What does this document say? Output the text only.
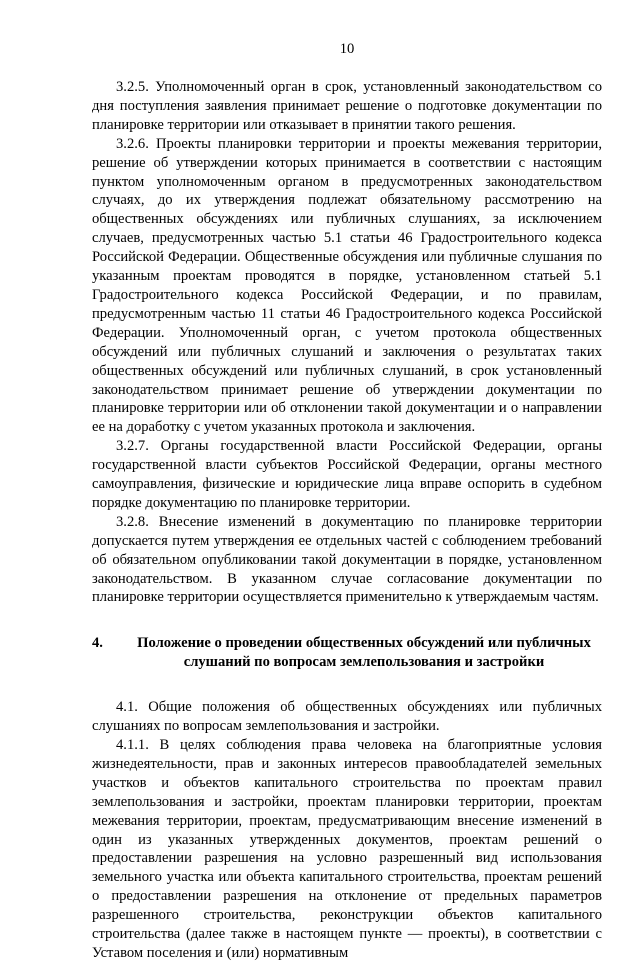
10

3.2.5. Уполномоченный орган в срок, установленный законодательством со дня поступления заявления принимает решение о подготовке документации по планировке территории или отказывает в принятии такого решения.

3.2.6. Проекты планировки территории и проекты межевания территории, решение об утверждении которых принимается в соответствии с настоящим пунктом уполномоченным органом в предусмотренных законодательством случаях, до их утверждения подлежат обязательному рассмотрению на общественных обсуждениях или публичных слушаниях, за исключением случаев, предусмотренных частью 5.1 статьи 46 Градостроительного кодекса Российской Федерации. Общественные обсуждения или публичные слушания по указанным проектам проводятся в порядке, установленном статьей 5.1 Градостроительного кодекса Российской Федерации, и по правилам, предусмотренным частью 11 статьи 46 Градостроительного кодекса Российской Федерации. Уполномоченный орган, с учетом протокола общественных обсуждений или публичных слушаний и заключения о результатах таких общественных обсуждений или публичных слушаний, в срок установленный законодательством принимает решение об утверждении документации по планировке территории или об отклонении такой документации и о направлении ее на доработку с учетом указанных протокола и заключения.

3.2.7. Органы государственной власти Российской Федерации, органы государственной власти субъектов Российской Федерации, органы местного самоуправления, физические и юридические лица вправе оспорить в судебном порядке документацию по планировке территории.

3.2.8. Внесение изменений в документацию по планировке территории допускается путем утверждения ее отдельных частей с соблюдением требований об обязательном опубликовании такой документации в порядке, установленном законодательством. В указанном случае согласование документации по планировке территории осуществляется применительно к утверждаемым частям.

4.	Положение о проведении общественных обсуждений или публичных слушаний по вопросам землепользования и застройки

4.1. Общие положения об общественных обсуждениях или публичных слушаниях по вопросам землепользования и застройки.

4.1.1. В целях соблюдения права человека на благоприятные условия жизнедеятельности, прав и законных интересов правообладателей земельных участков и объектов капитального строительства по проектам правил землепользования и застройки, проектам планировки территории, проектам межевания территории, проектам, предусматривающим внесение изменений в один из указанных утвержденных документов, проектам решений о предоставлении разрешения на условно разрешенный вид использования земельного участка или объекта капитального строительства, проектам решений о предоставлении разрешения на отклонение от предельных параметров разрешенного строительства, реконструкции объектов капитального строительства (далее также в настоящем пункте — проекты), в соответствии с Уставом поселения и (или) нормативным
